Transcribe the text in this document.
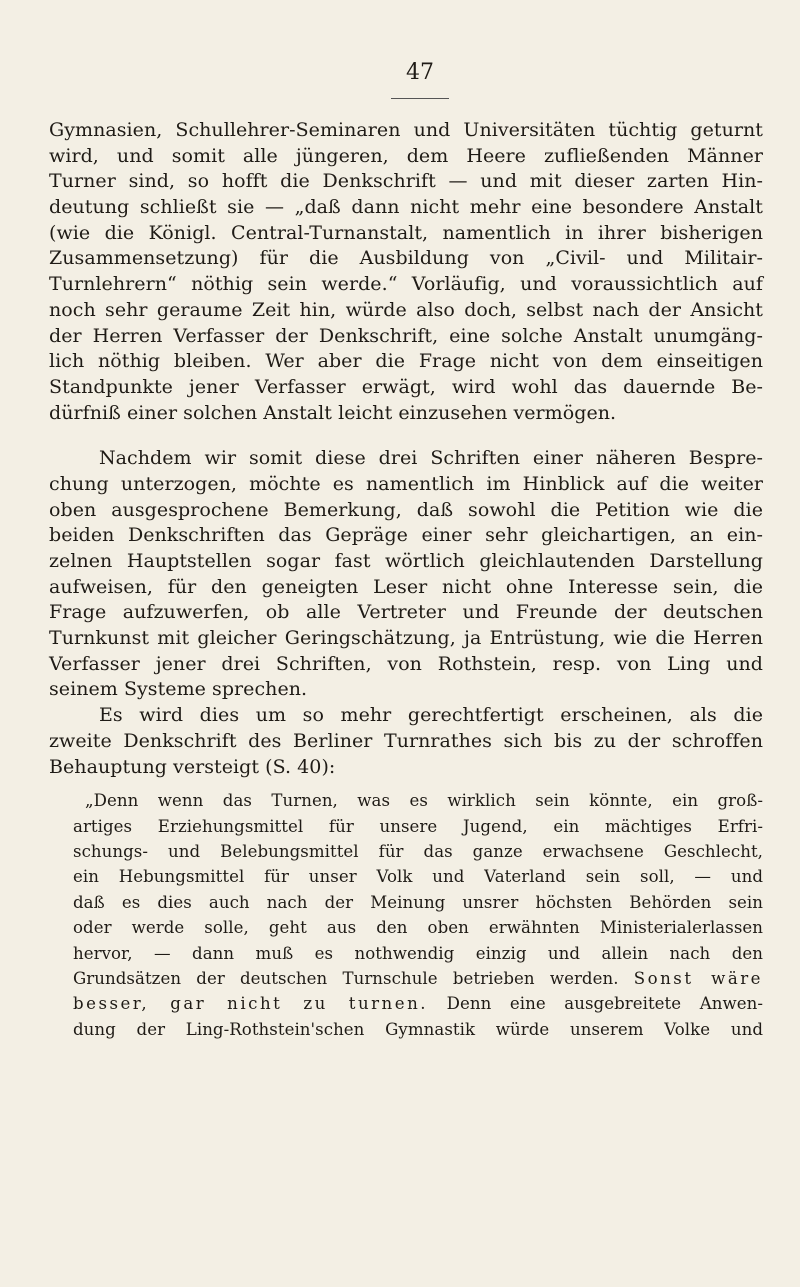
47
Gymnasien, Schullehrer-Seminaren und Universitäten tüchtig geturnt
wird, und somit alle jüngeren, dem Heere zufließenden Männer
Turner sind, so hofft die Denkschrift — und mit dieser zarten Hin-
deutung schließt sie — „daß dann nicht mehr eine besondere Anstalt
(wie die Königl. Central-Turnanstalt, namentlich in ihrer bisherigen
Zusammensetzung) für die Ausbildung von „Civil- und Militair-
Turnlehrern“ nöthig sein werde.“ Vorläufig, und voraussichtlich auf
noch sehr geraume Zeit hin, würde also doch, selbst nach der Ansicht
der Herren Verfasser der Denkschrift, eine solche Anstalt unumgäng-
lich nöthig bleiben. Wer aber die Frage nicht von dem einseitigen
Standpunkte jener Verfasser erwägt, wird wohl das dauernde Be-
dürfniß einer solchen Anstalt leicht einzusehen vermögen.
Nachdem wir somit diese drei Schriften einer näheren Bespre-
chung unterzogen, möchte es namentlich im Hinblick auf die weiter
oben ausgesprochene Bemerkung, daß sowohl die Petition wie die
beiden Denkschriften das Gepräge einer sehr gleichartigen, an ein-
zelnen Hauptstellen sogar fast wörtlich gleichlautenden Darstellung
aufweisen, für den geneigten Leser nicht ohne Interesse sein, die
Frage aufzuwerfen, ob alle Vertreter und Freunde der deutschen
Turnkunst mit gleicher Geringschätzung, ja Entrüstung, wie die Herren
Verfasser jener drei Schriften, von Rothstein, resp. von Ling und
seinem Systeme sprechen.
Es wird dies um so mehr gerechtfertigt erscheinen, als die
zweite Denkschrift des Berliner Turnrathes sich bis zu der schroffen
Behauptung versteigt (S. 40):
„Denn wenn das Turnen, was es wirklich sein könnte, ein groß-
artiges Erziehungsmittel für unsere Jugend, ein mächtiges Erfri-
schungs- und Belebungsmittel für das ganze erwachsene Geschlecht,
ein Hebungsmittel für unser Volk und Vaterland sein soll, — und
daß es dies auch nach der Meinung unsrer höchsten Behörden sein
oder werde solle, geht aus den oben erwähnten Ministerialerlassen
hervor, — dann muß es nothwendig einzig und allein nach den
Grundsätzen der deutschen Turnschule betrieben werden. Sonst wäre
besser, gar nicht zu turnen. Denn eine ausgebreitete Anwen-
dung der Ling-Rothstein'schen Gymnastik würde unserem Volke und
